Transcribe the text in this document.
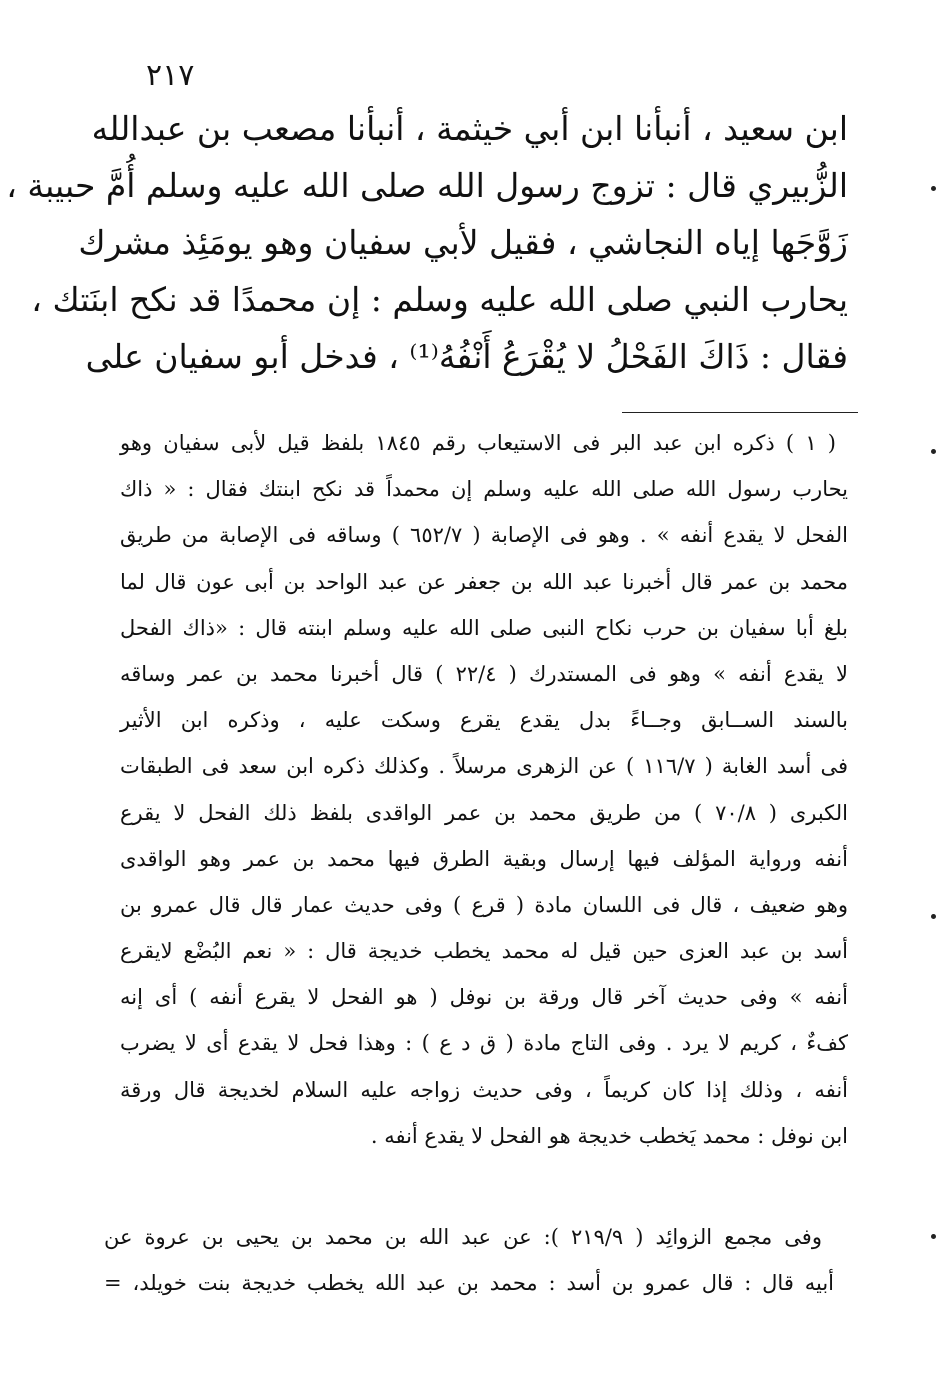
٢١٧
ابن سعيد ، أنبأنا ابن أبي خيثمة ، أنبأنا مصعب بن عبدالله
الزُّبيري قال : تزوج رسول الله صلى الله عليه وسلم أُمَّ حبيبة ،
زَوَّجَها إياه النجاشي ، فقيل لأبي سفيان وهو يومَئِذ مشرك
يحارب النبي صلى الله عليه وسلم : إن محمدًا قد نكح ابنَتك ،
فقال : ذَاكَ الفَحْلُ لا يُقْرَعُ أَنْفُهُ⁽¹⁾ ، فدخل أبو سفيان على
( ١ ) ذكره ابن عبد البر فى الاستيعاب رقم ١٨٤٥ بلفظ قيل لأبى سفيان وهو
يحارب رسول الله صلى الله عليه وسلم إن محمداً قد نكح ابنتك فقال : « ذاك
الفحل لا يقدع أنفه » . وهو فى الإصابة ( ٦٥٢/٧ ) وساقه فى الإصابة من طريق
محمد بن عمر قال أخبرنا عبد الله بن جعفر عن عبد الواحد بن أبى عون قال لما
بلغ أبا سفيان بن حرب نكاح النبى صلى الله عليه وسلم ابنته قال : «ذاك الفحل
لا يقدع أنفه » وهو فى المستدرك ( ٢٢/٤ ) قال أخبرنا محمد بن عمر وساقه
بالسند الســابق وجــاءً بدل يقدع يقرع وسكت عليه ، وذكره ابن الأثير
فى أسد الغابة ( ١١٦/٧ ) عن الزهرى مرسلاً . وكذلك ذكره ابن سعد فى الطبقات
الكبرى ( ٧٠/٨ ) من طريق محمد بن عمر الواقدى بلفظ ذلك الفحل لا يقرع
أنفه ورواية المؤلف فيها إرسال وبقية الطرق فيها محمد بن عمر وهو الواقدى
وهو ضعيف ، قال فى اللسان مادة ( قرع ) وفى حديث عمار قال قال عمرو بن
أسد بن عبد العزى حين قيل له محمد يخطب خديجة قال : « نعم البُضْع لايقرع
أنفه » وفى حديث آخر قال ورقة بن نوفل ( هو الفحل لا يقرع أنفه ) أى إنه
كفءٌ ، كريم لا يرد . وفى التاج مادة ( ق د ع ) : وهذا فحل لا يقدع أى لا يضرب
أنفه ، وذلك إذا كان كريماً ، وفى حديث زواجه عليه السلام لخديجة قال ورقة
ابن نوفل : محمد يَخطب خديجة هو الفحل لا يقدع أنفه .
وفى مجمع الزوائِد ( ٢١٩/٩ ): عن عبد الله بن محمد بن يحيى بن عروة عن
أبيه قال : قال عمرو بن أسد : محمد بن عبد الله يخطب خديجة بنت خويلد، =
